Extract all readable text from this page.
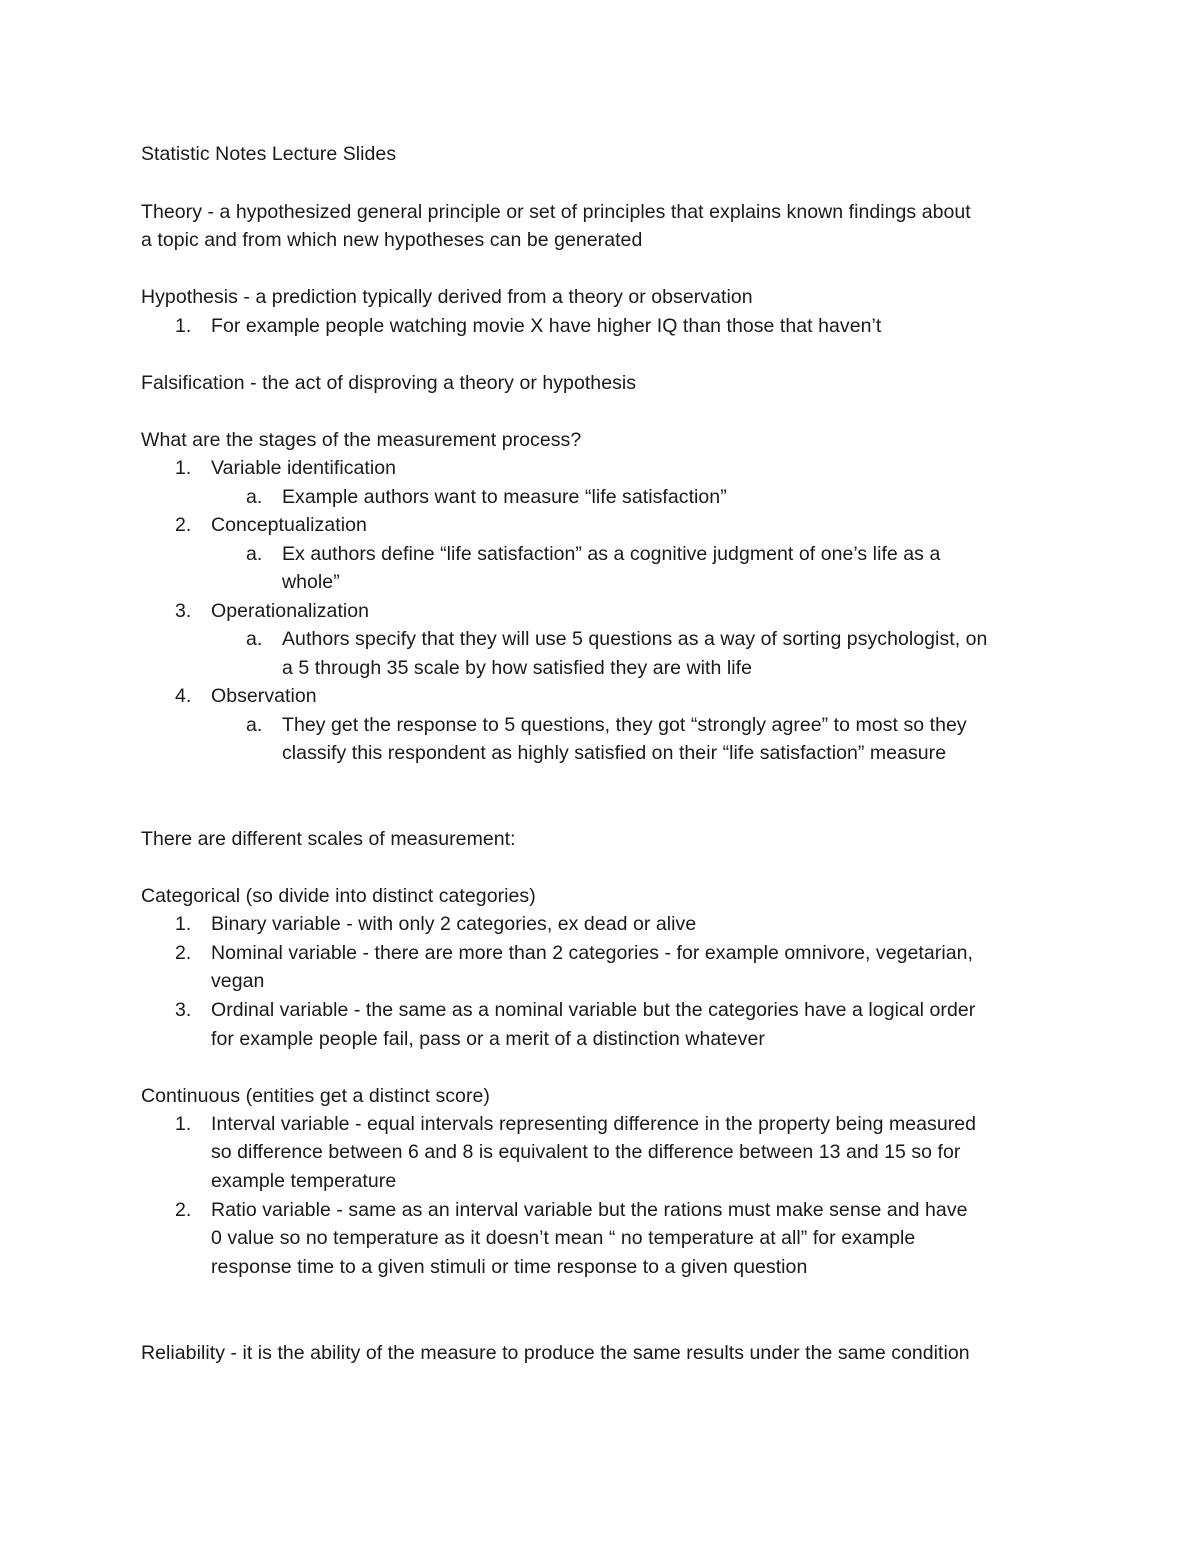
Statistic Notes Lecture Slides
Theory - a hypothesized general principle or set of principles that explains known findings about
a topic and from which new hypotheses can be generated
Hypothesis - a prediction typically derived from a theory or observation
1. For example people watching movie X have higher IQ than those that haven’t
Falsification - the act of disproving a theory or hypothesis
What are the stages of the measurement process?
1. Variable identification
a. Example authors want to measure “life satisfaction”
2. Conceptualization
a. Ex authors define “life satisfaction” as a cognitive judgment of one’s life as a
whole”
3. Operationalization
a. Authors specify that they will use 5 questions as a way of sorting psychologist, on
a 5 through 35 scale by how satisfied they are with life
4. Observation
a. They get the response to 5 questions, they got “strongly agree” to most so they
classify this respondent as highly satisfied on their “life satisfaction” measure
There are different scales of measurement:
Categorical (so divide into distinct categories)
1. Binary variable - with only 2 categories, ex dead or alive
2. Nominal variable - there are more than 2 categories - for example omnivore, vegetarian,
vegan
3. Ordinal variable - the same as a nominal variable but the categories have a logical order
for example people fail, pass or a merit of a distinction whatever
Continuous (entities get a distinct score)
1. Interval variable - equal intervals representing difference in the property being measured
so difference between 6 and 8 is equivalent to the difference between 13 and 15 so for
example temperature
2. Ratio variable - same as an interval variable but the rations must make sense and have
0 value so no temperature as it doesn’t mean “ no temperature at all” for example
response time to a given stimuli or time response to a given question
Reliability - it is the ability of the measure to produce the same results under the same condition
